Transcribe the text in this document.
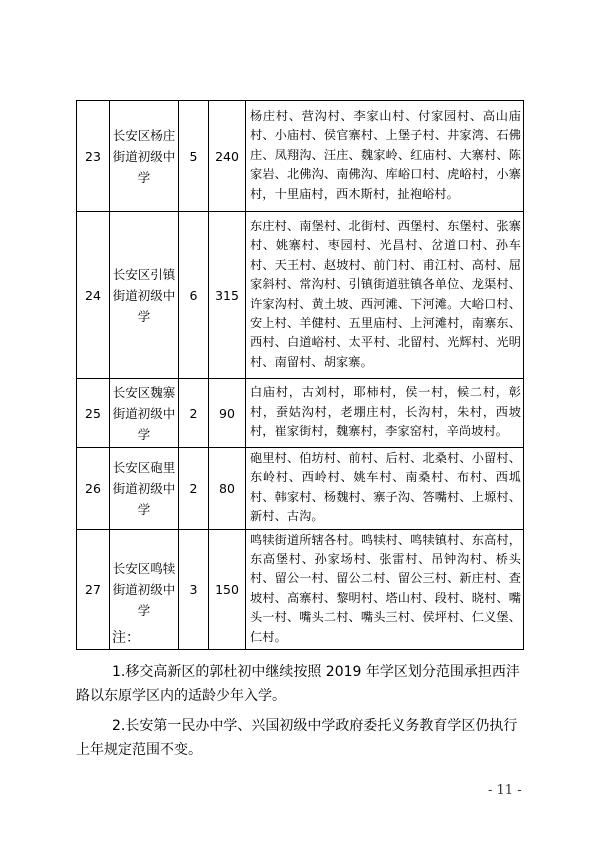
23	长安区杨庄街道初级中学	5	240	杨庄村、营沟村、李家山村、付家园村、高山庙村、小庙村、侯官寨村、上堡子村、井家湾、石佛庄、凤翔沟、汪庄、魏家岭、红庙村、大寨村、陈家岩、北佛沟、南佛沟、库峪口村、虎峪村，小寨村，十里庙村，西木斯村，扯袍峪村。
24	长安区引镇街道初级中学	6	315	东庄村、南堡村、北街村、西堡村、东堡村、张寨村、姚寨村、枣园村、光昌村、岔道口村、孙车村、天王村、赵坡村、前门村、甫江村、高村、屈家斜村、常沟村、引镇街道驻镇各单位、龙渠村、许家沟村、黄土坡、西河滩、下河滩。大峪口村、安上村、羊健村、五里庙村、上河滩村，南寨东、西村、白道峪村、太平村、北留村、光辉村、光明村、南留村、胡家寨。
25	长安区魏寨街道初级中学	2	90	白庙村，古刘村，耶柿村，侯一村，候二村，彰村，蚕姑沟村，老堋庄村，长沟村，朱村，西坡村，崔家街村，魏寨村，李家窑村，辛尚坡村。
26	长安区砲里街道初级中学	2	80	砲里村、伯坊村、前村、后村、北桑村、小留村、东岭村、西岭村、姚车村、南桑村、布村、西坬村、韩家村、杨魏村、寨子沟、答嘴村、上塬村、新村、古沟。
27	长安区鸣犊街道初级中学	3	150	鸣犊街道所辖各村。鸣犊村、鸣犊镇村、东高村，东高堡村、孙家场村、张雷村、吊钟沟村、桥头村、留公一村、留公二村、留公三村、新庄村、查坡村、高寨村、黎明村、塔山村、段村、晓村、嘴头一村、嘴头二村、嘴头三村、侯坪村、仁义堡、仁村。
注：
1.移交高新区的郭杜初中继续按照 2019 年学区划分范围承担西沣路以东原学区内的适龄少年入学。
2.长安第一民办中学、兴国初级中学政府委托义务教育学区仍执行上年规定范围不变。
- 11 -
